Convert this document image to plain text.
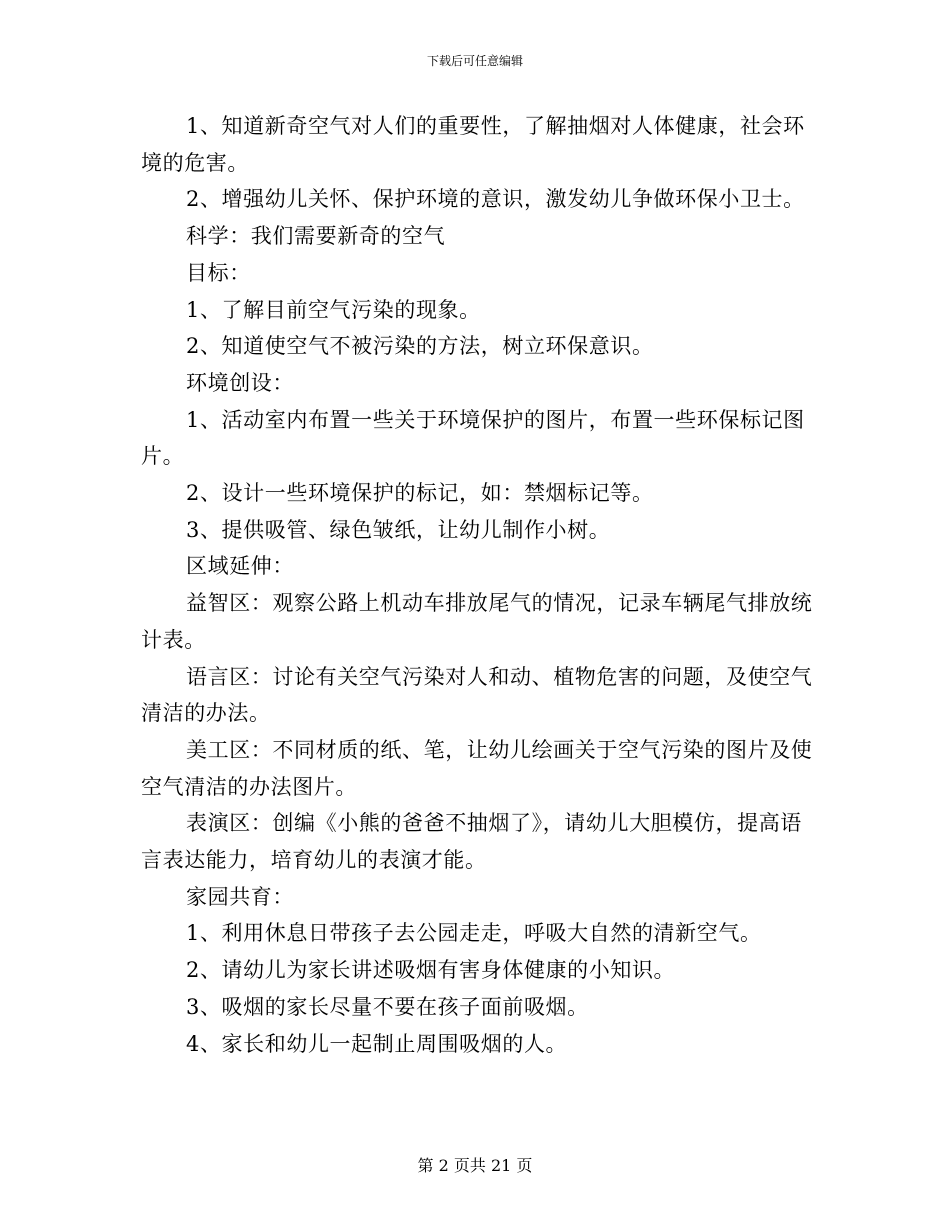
下载后可任意编辑

1、知道新奇空气对人们的重要性，了解抽烟对人体健康，社会环境的危害。

2、增强幼儿关怀、保护环境的意识，激发幼儿争做环保小卫士。

科学：我们需要新奇的空气

目标：

1、了解目前空气污染的现象。

2、知道使空气不被污染的方法，树立环保意识。

环境创设：

1、活动室内布置一些关于环境保护的图片，布置一些环保标记图片。

2、设计一些环境保护的标记，如：禁烟标记等。

3、提供吸管、绿色皱纸，让幼儿制作小树。

区域延伸：

益智区：观察公路上机动车排放尾气的情况，记录车辆尾气排放统计表。

语言区：讨论有关空气污染对人和动、植物危害的问题，及使空气清洁的办法。

美工区：不同材质的纸、笔，让幼儿绘画关于空气污染的图片及使空气清洁的办法图片。

表演区：创编《小熊的爸爸不抽烟了》，请幼儿大胆模仿，提高语言表达能力，培育幼儿的表演才能。

家园共育：

1、利用休息日带孩子去公园走走，呼吸大自然的清新空气。

2、请幼儿为家长讲述吸烟有害身体健康的小知识。

3、吸烟的家长尽量不要在孩子面前吸烟。

4、家长和幼儿一起制止周围吸烟的人。

第 2 页共 21 页
